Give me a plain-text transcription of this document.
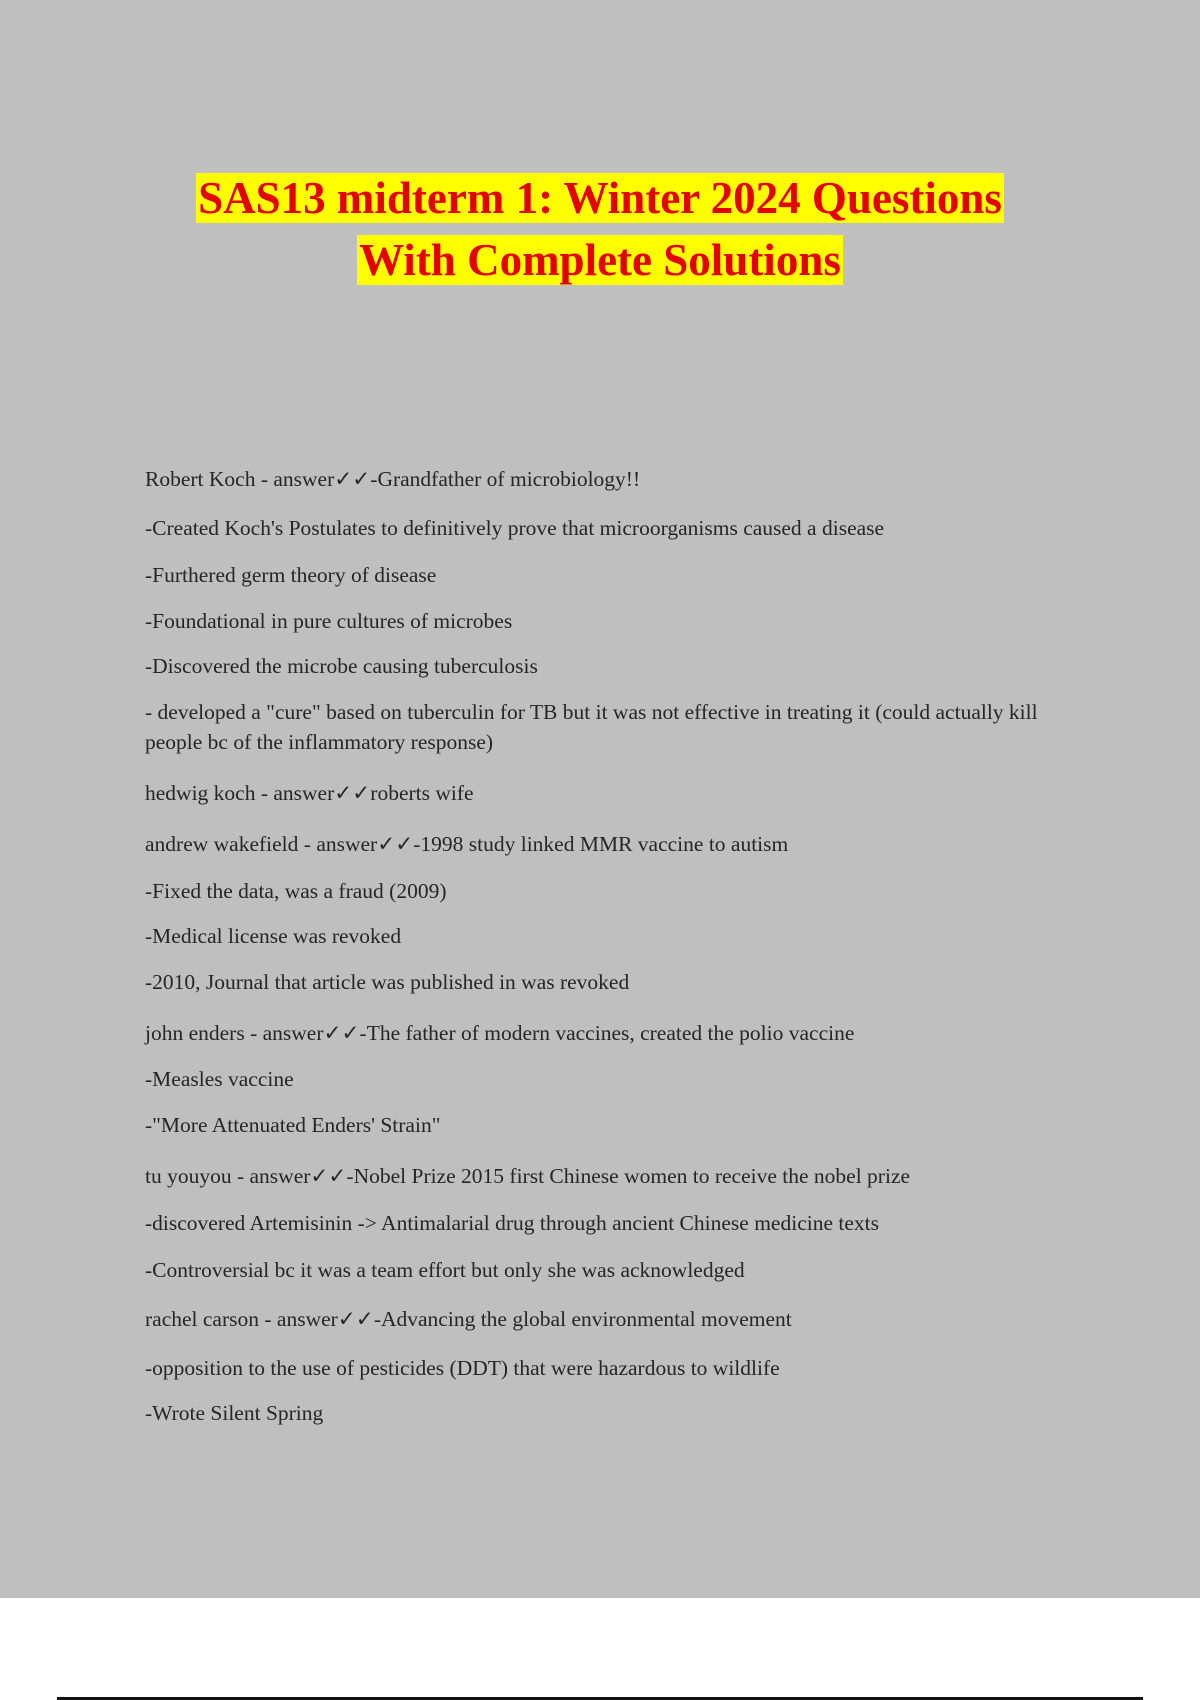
SAS13 midterm 1: Winter 2024 Questions
With Complete Solutions
Robert Koch - answer✓✓-Grandfather of microbiology!!
-Created Koch's Postulates to definitively prove that microorganisms caused a disease
-Furthered germ theory of disease
-Foundational in pure cultures of microbes
-Discovered the microbe causing tuberculosis
- developed a "cure" based on tuberculin for TB but it was not effective in treating it (could actually kill people bc of the inflammatory response)
hedwig koch - answer✓✓roberts wife
andrew wakefield - answer✓✓-1998 study linked MMR vaccine to autism
-Fixed the data, was a fraud (2009)
-Medical license was revoked
-2010, Journal that article was published in was revoked
john enders - answer✓✓-The father of modern vaccines, created the polio vaccine
-Measles vaccine
-"More Attenuated Enders' Strain"
tu youyou - answer✓✓-Nobel Prize 2015 first Chinese women to receive the nobel prize
-discovered Artemisinin -> Antimalarial drug through ancient Chinese medicine texts
-Controversial bc it was a team effort but only she was acknowledged
rachel carson - answer✓✓-Advancing the global environmental movement
-opposition to the use of pesticides (DDT) that were hazardous to wildlife
-Wrote Silent Spring
